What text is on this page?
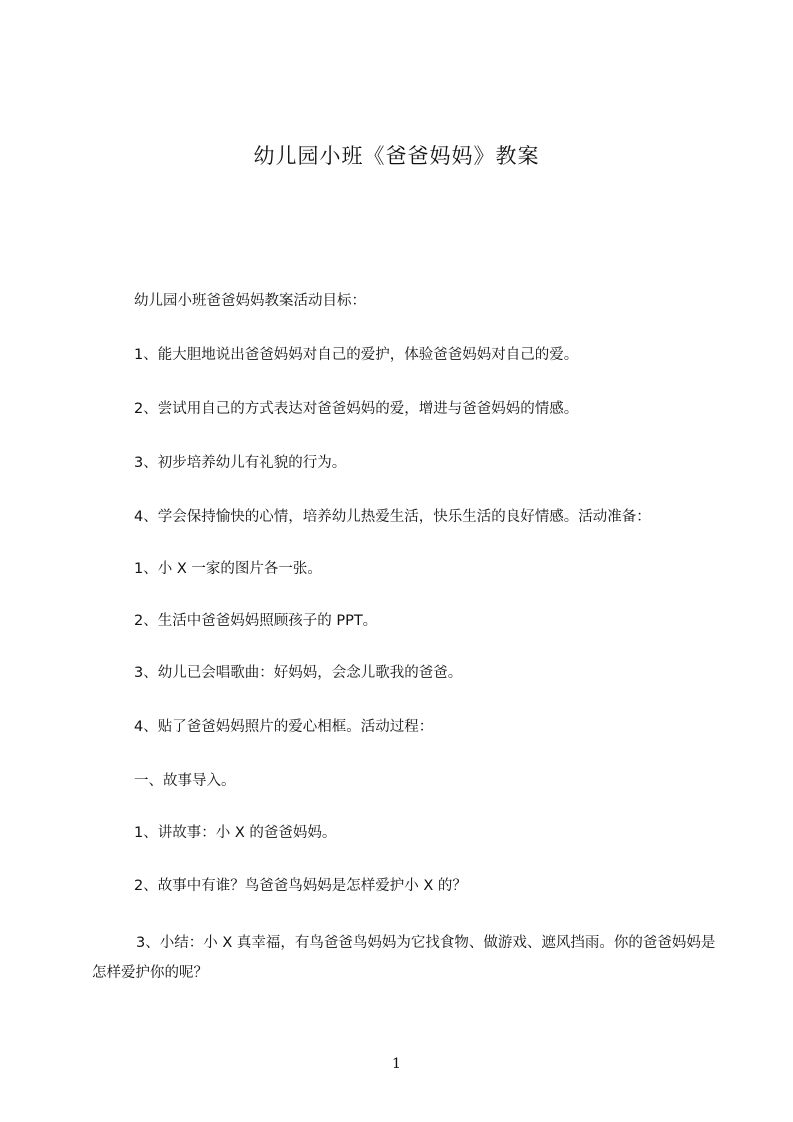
幼儿园小班《爸爸妈妈》教案
幼儿园小班爸爸妈妈教案活动目标：
1、能大胆地说出爸爸妈妈对自己的爱护，体验爸爸妈妈对自己的爱。
2、尝试用自己的方式表达对爸爸妈妈的爱，增进与爸爸妈妈的情感。
3、初步培养幼儿有礼貌的行为。
4、学会保持愉快的心情，培养幼儿热爱生活，快乐生活的良好情感。活动准备：
1、小 X 一家的图片各一张。
2、生活中爸爸妈妈照顾孩子的 PPT。
3、幼儿已会唱歌曲：好妈妈，会念儿歌我的爸爸。
4、贴了爸爸妈妈照片的爱心相框。活动过程：
一、故事导入。
1、讲故事：小 X 的爸爸妈妈。
2、故事中有谁？鸟爸爸鸟妈妈是怎样爱护小 X 的？
3、小结：小 X 真幸福，有鸟爸爸鸟妈妈为它找食物、做游戏、遮风挡雨。你的爸爸妈妈是怎样爱护你的呢？
1
